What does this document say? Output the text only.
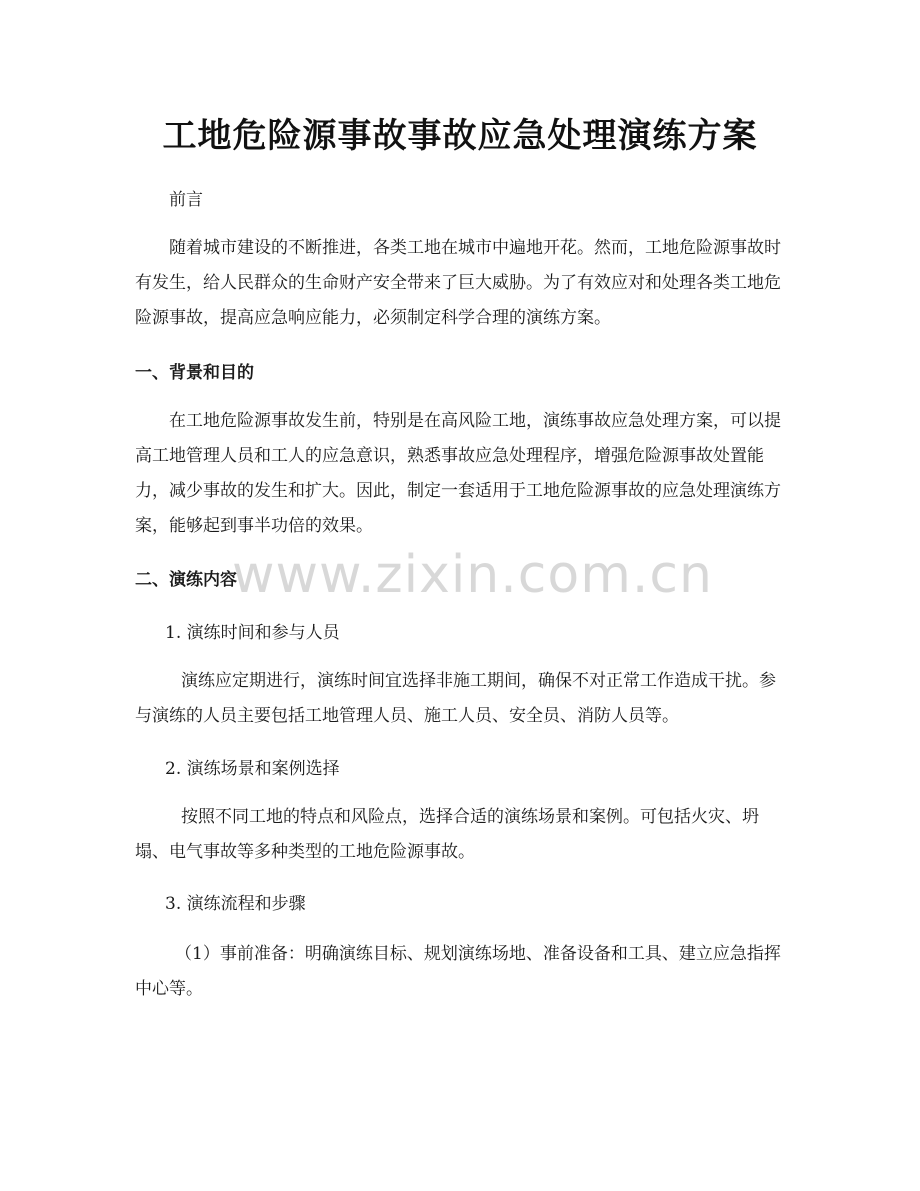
工地危险源事故事故应急处理演练方案
前言
随着城市建设的不断推进，各类工地在城市中遍地开花。然而，工地危险源事故时有发生，给人民群众的生命财产安全带来了巨大威胁。为了有效应对和处理各类工地危险源事故，提高应急响应能力，必须制定科学合理的演练方案。
一、背景和目的
在工地危险源事故发生前，特别是在高风险工地，演练事故应急处理方案，可以提高工地管理人员和工人的应急意识，熟悉事故应急处理程序，增强危险源事故处置能力，减少事故的发生和扩大。因此，制定一套适用于工地危险源事故的应急处理演练方案，能够起到事半功倍的效果。
二、演练内容
1. 演练时间和参与人员
演练应定期进行，演练时间宜选择非施工期间，确保不对正常工作造成干扰。参与演练的人员主要包括工地管理人员、施工人员、安全员、消防人员等。
2. 演练场景和案例选择
按照不同工地的特点和风险点，选择合适的演练场景和案例。可包括火灾、坍塌、电气事故等多种类型的工地危险源事故。
3. 演练流程和步骤
（1）事前准备：明确演练目标、规划演练场地、准备设备和工具、建立应急指挥中心等。
www.zixin.com.cn
